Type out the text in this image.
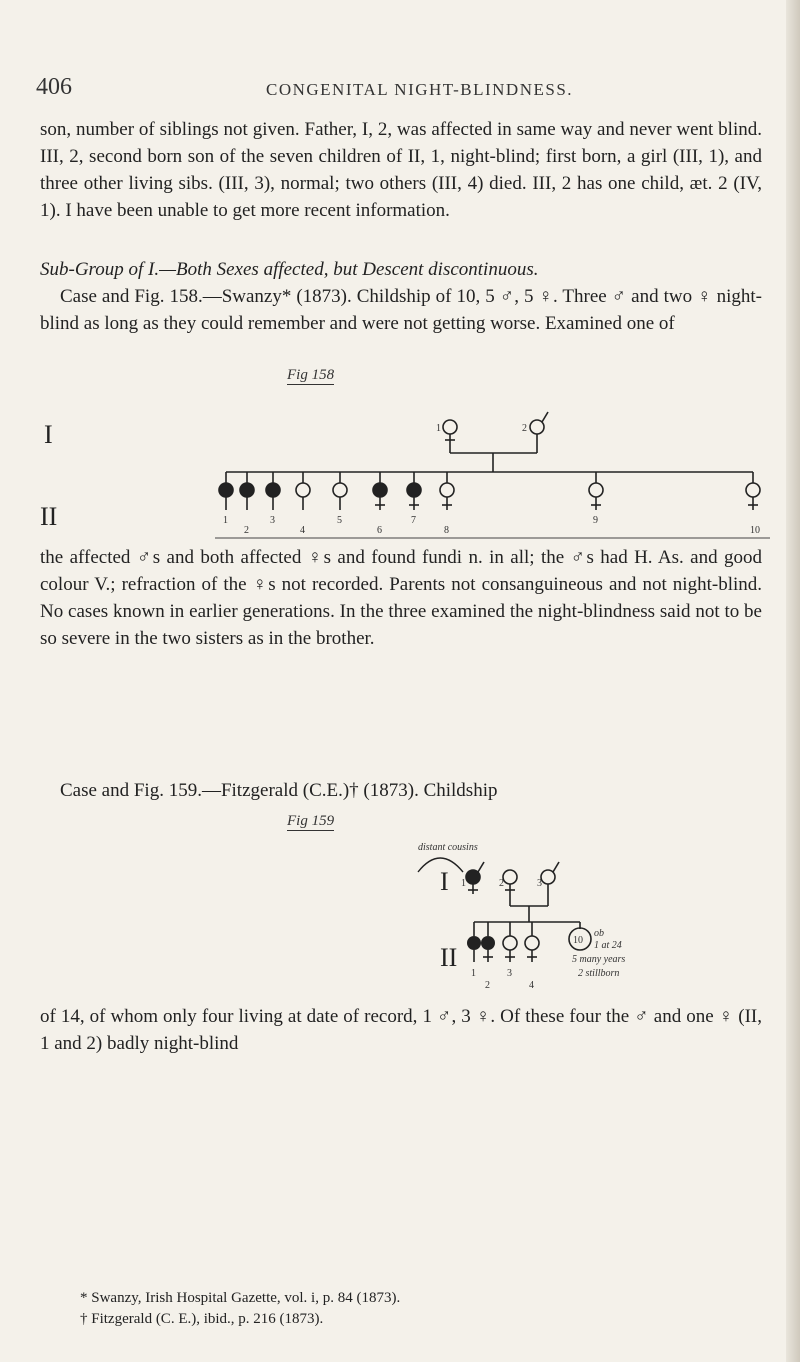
406	CONGENITAL NIGHT-BLINDNESS.

son, number of siblings not given. Father, I, 2, was affected in same way and never went blind. III, 2, second born son of the seven children of II, 1, night-blind; first born, a girl (III, 1), and three other living sibs. (III, 3), normal; two others (III, 4) died. III, 2 has one child, æt. 2 (IV, 1). I have been unable to get more recent information.

Sub-Group of I.—Both Sexes affected, but Descent discontinuous.

Case and Fig. 158.—Swanzy* (1873). Childship of 10, 5 ♂, 5 ♀. Three ♂ and two ♀ night-blind as long as they could remember and were not getting worse. Examined one of

Fig 158
I
II
1	2
1
2
3
4
5
6
7
8
9
10

the affected ♂s and both affected ♀s and found fundi n. in all; the ♂s had H. As. and good colour V.; refraction of the ♀s not recorded. Parents not consanguineous and not night-blind. No cases known in earlier generations. In the three examined the night-blindness said not to be so severe in the two sisters as in the brother.

Case and Fig. 159.—Fitzgerald (C.E.)† (1873). Childship

Fig 159
distant cousins
I
II
1	2	3
10
1
2
3
4
ob
1 at 24
5 many years
2 stillborn

of 14, of whom only four living at date of record, 1 ♂, 3 ♀. Of these four the ♂ and one ♀ (II, 1 and 2) badly night-blind

* Swanzy, Irish Hospital Gazette, vol. i, p. 84 (1873).

† Fitzgerald (C. E.), ibid., p. 216 (1873).
